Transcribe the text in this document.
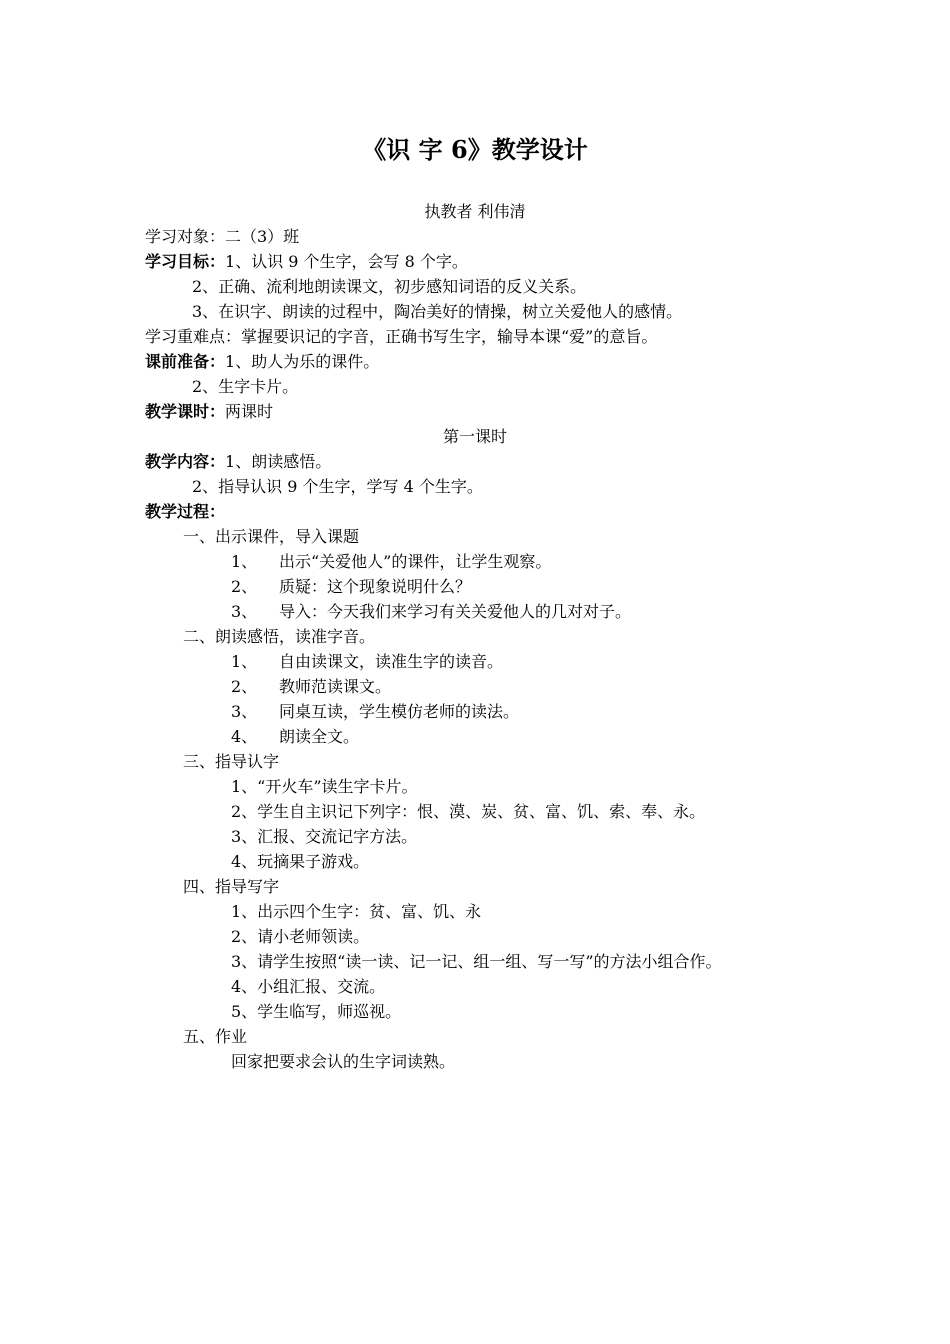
《识 字 6》教学设计
执教者 利伟清
学习对象：二（3）班
学习目标：1、认识 9 个生字，会写 8 个字。
2、正确、流利地朗读课文，初步感知词语的反义关系。
3、在识字、朗读的过程中，陶冶美好的情操，树立关爱他人的感情。
学习重难点：掌握要识记的字音，正确书写生字，输导本课“爱”的意旨。
课前准备：1、助人为乐的课件。
2、生字卡片。
教学课时：两课时
第一课时
教学内容：1、朗读感悟。
2、指导认识 9 个生字，学写 4 个生字。
教学过程：
一、出示课件，导入课题
1、 出示“关爱他人”的课件，让学生观察。
2、 质疑：这个现象说明什么？
3、 导入：今天我们来学习有关关爱他人的几对对子。
二、朗读感悟，读准字音。
1、 自由读课文，读准生字的读音。
2、 教师范读课文。
3、 同桌互读，学生模仿老师的读法。
4、 朗读全文。
三、指导认字
1、“开火车”读生字卡片。
2、学生自主识记下列字：恨、漠、炭、贫、富、饥、索、奉、永。
3、汇报、交流记字方法。
4、玩摘果子游戏。
四、指导写字
1、出示四个生字：贫、富、饥、永
2、请小老师领读。
3、请学生按照“读一读、记一记、组一组、写一写”的方法小组合作。
4、小组汇报、交流。
5、学生临写，师巡视。
五、作业
回家把要求会认的生字词读熟。
